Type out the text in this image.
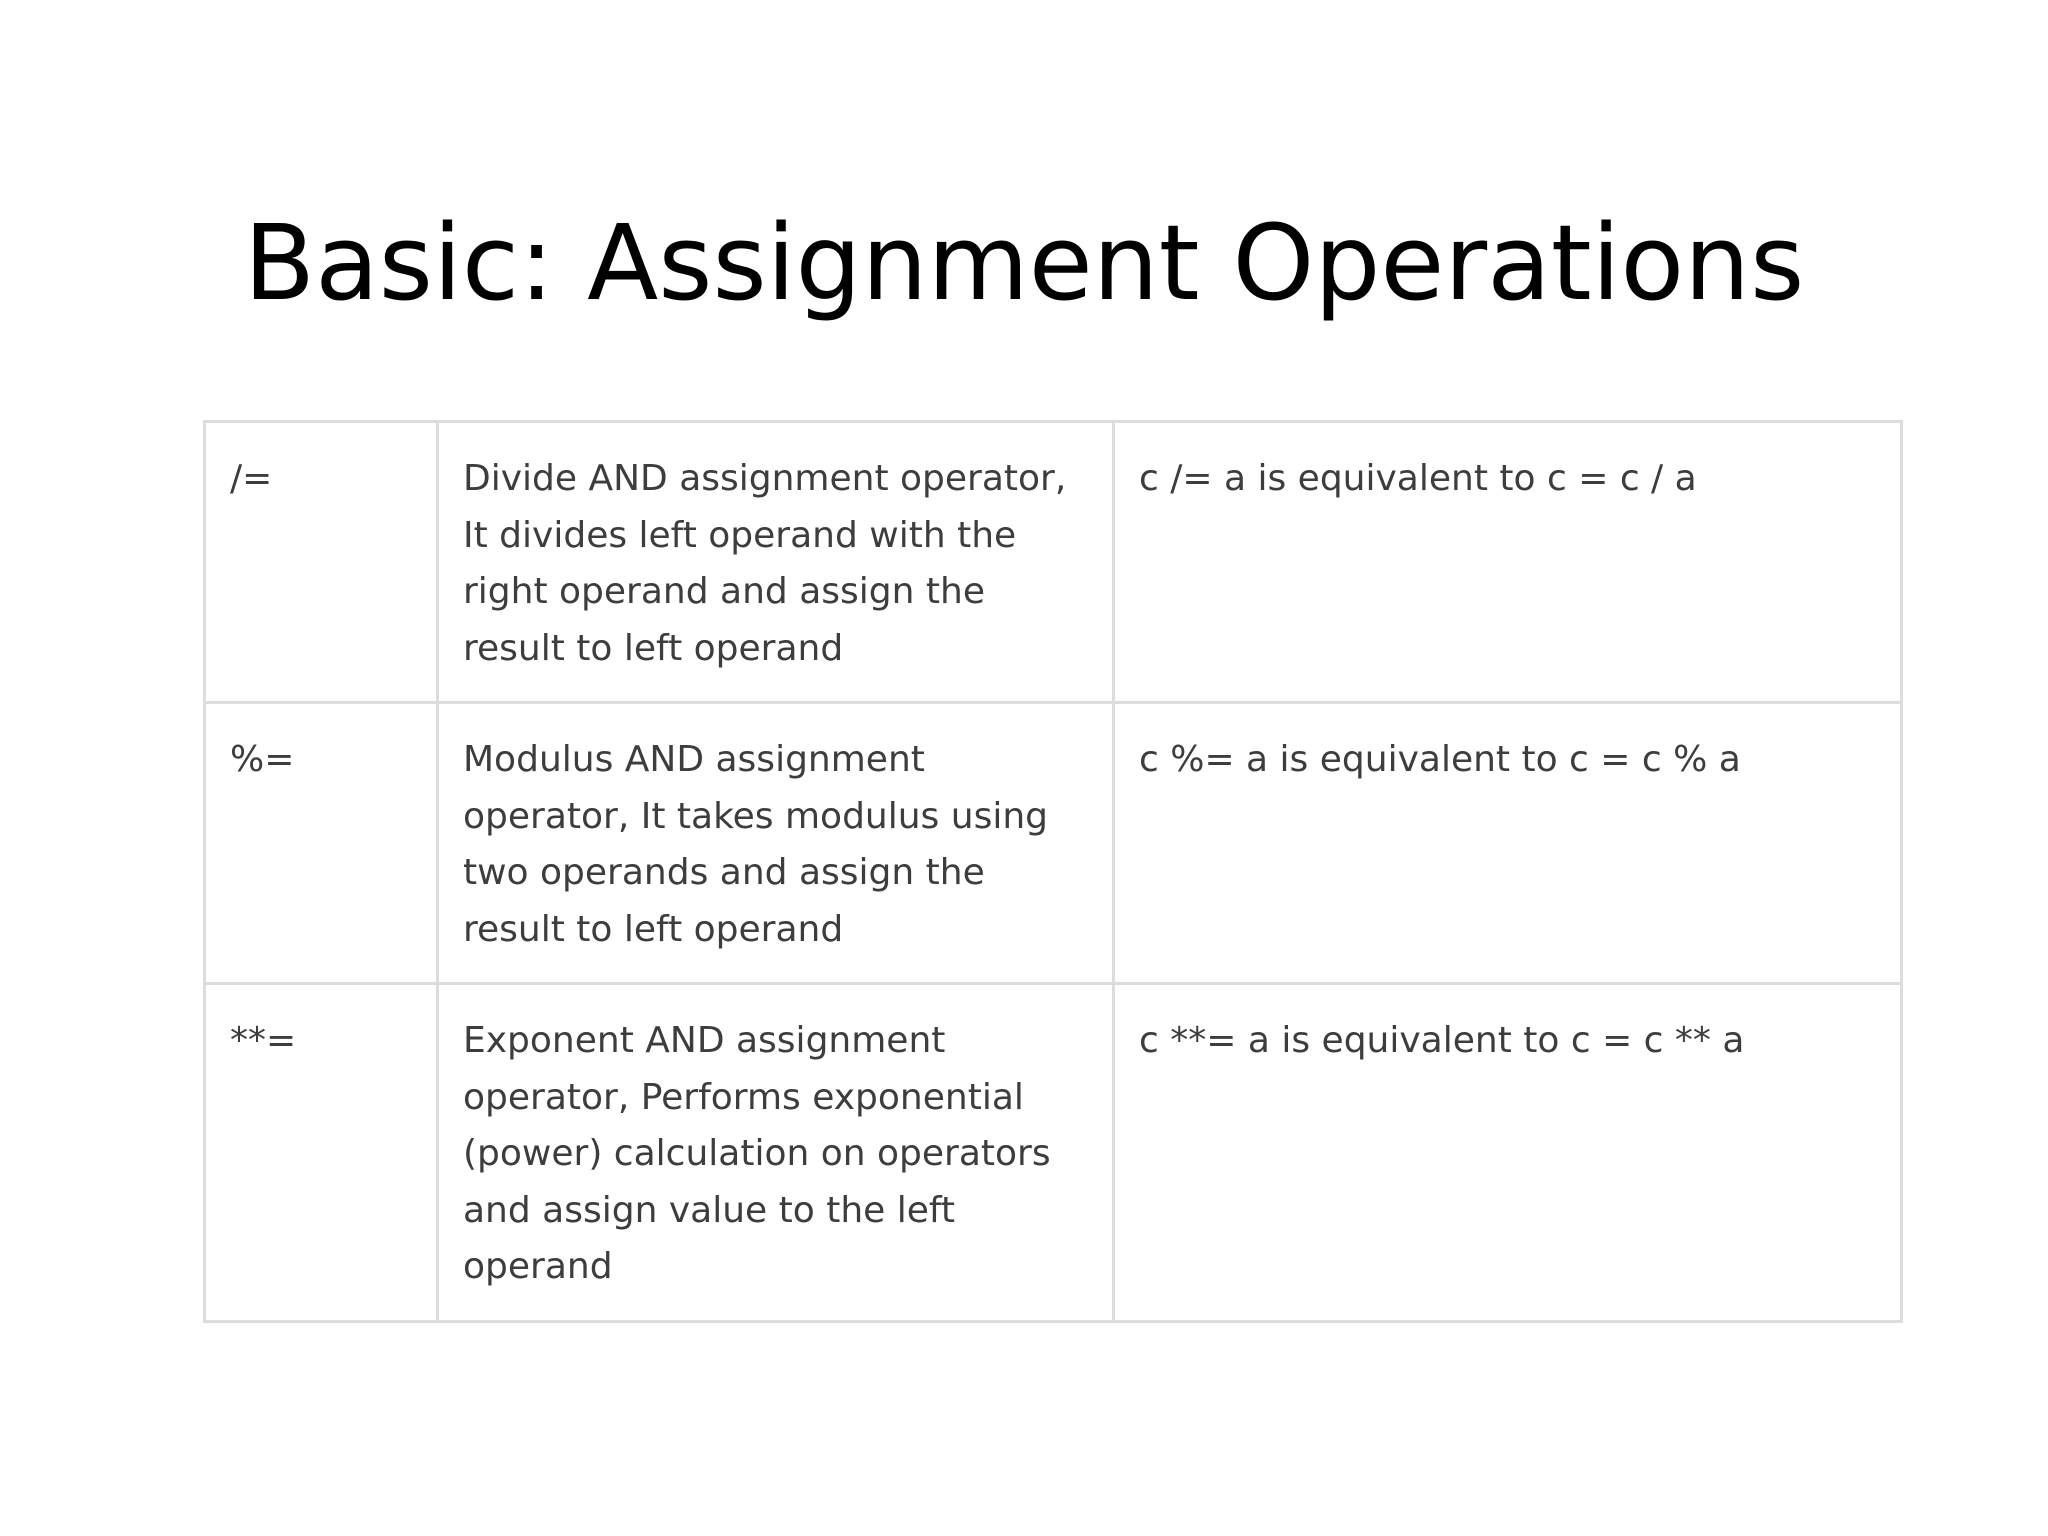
Basic: Assignment Operations
/=	Divide AND assignment operator, It divides left operand with the right operand and assign the result to left operand	c /= a is equivalent to c = c / a

%=	Modulus AND assignment operator, It takes modulus using two operands and assign the result to left operand	c %= a is equivalent to c = c % a

**=	Exponent AND assignment operator, Performs exponential (power) calculation on operators and assign value to the left operand	c **= a is equivalent to c = c ** a
